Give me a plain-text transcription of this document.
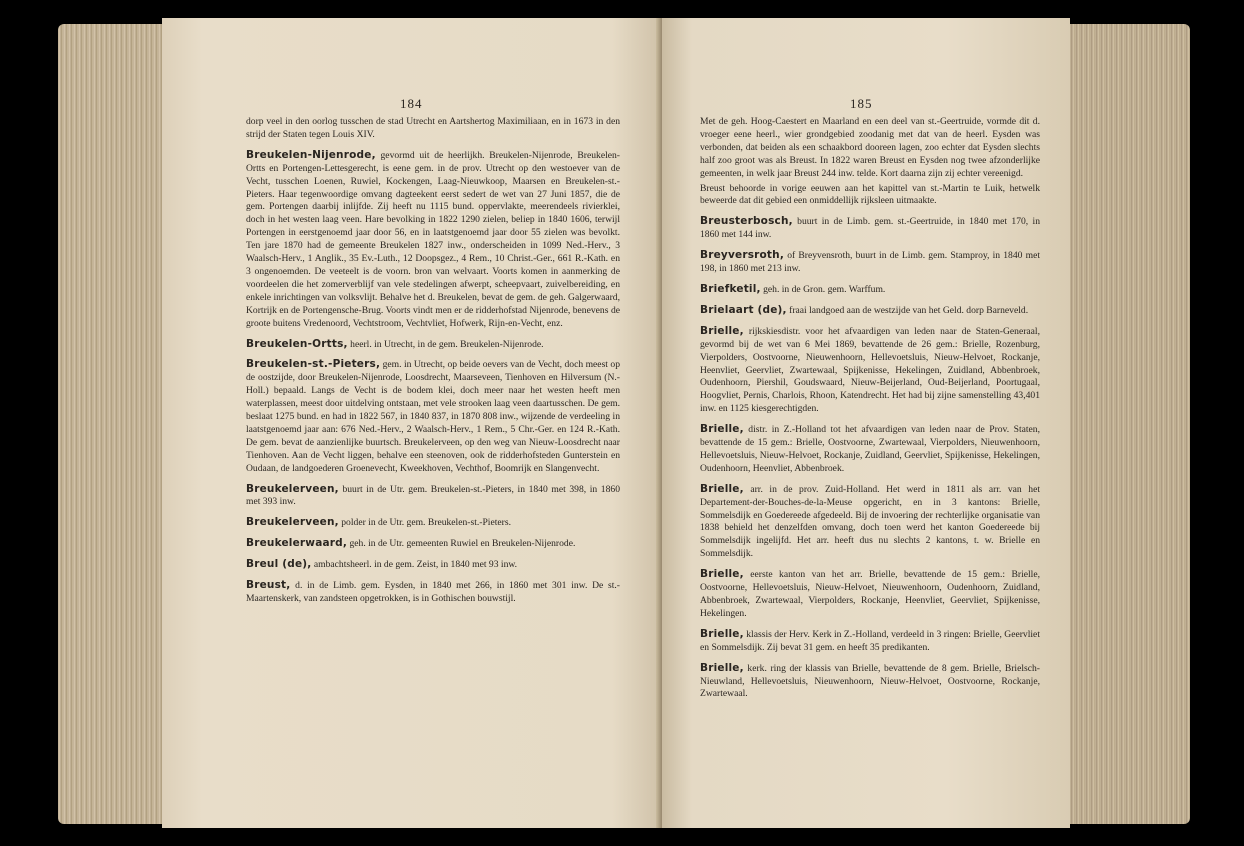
184

dorp veel in den oorlog tusschen de stad Utrecht en Aartshertog Maximiliaan, en in 1673 in den strijd der Staten tegen Louis XIV.

Breukelen-Nijenrode, gevormd uit de heerlijkh. Breukelen-Nijenrode, Breukelen-Ortts en Portengen-Lettesgerecht, is eene gem. in de prov. Utrecht op den westoever van de Vecht, tusschen Loenen, Ruwiel, Kockengen, Laag-Nieuwkoop, Maarsen en Breukelen-st.-Pieters. Haar tegenwoordige omvang dagteekent eerst sedert de wet van 27 Juni 1857, die de gem. Portengen daarbij inlijfde. Zij heeft nu 1115 bund. oppervlakte, meerendeels rivierklei, doch in het westen laag veen. Hare bevolking in 1822 1290 zielen, beliep in 1840 1606, terwijl Portengen in eerstgenoemd jaar door 56, en in laatstgenoemd jaar door 55 zielen was bevolkt. Ten jare 1870 had de gemeente Breukelen 1827 inw., onderscheiden in 1099 Ned.-Herv., 3 Waalsch-Herv., 1 Anglik., 35 Ev.-Luth., 12 Doopsgez., 4 Rem., 10 Christ.-Ger., 661 R.-Kath. en 3 ongenoemden. De veeteelt is de voorn. bron van welvaart. Voorts komen in aanmerking de voordeelen die het zomerverblijf van vele stedelingen afwerpt, scheepvaart, zuivelbereiding, en enkele inrichtingen van volksvlijt. Behalve het d. Breukelen, bevat de gem. de geh. Galgerwaard, Kortrijk en de Portengensche-Brug. Voorts vindt men er de ridderhofstad Nijenrode, benevens de groote buitens Vredenoord, Vechtstroom, Vechtvliet, Hofwerk, Rijn-en-Vecht, enz.

Breukelen-Ortts, heerl. in Utrecht, in de gem. Breukelen-Nijenrode.

Breukelen-st.-Pieters, gem. in Utrecht, op beide oevers van de Vecht, doch meest op de oostzijde, door Breukelen-Nijenrode, Loosdrecht, Maarseveen, Tienhoven en Hilversum (N.-Holl.) bepaald. Langs de Vecht is de bodem klei, doch meer naar het westen heeft men waterplassen, meest door uitdelving ontstaan, met vele strooken laag veen daartusschen. De gem. beslaat 1275 bund. en had in 1822 567, in 1840 837, in 1870 808 inw., wijzende de verdeeling in laatstgenoemd jaar aan: 676 Ned.-Herv., 2 Waalsch-Herv., 1 Rem., 5 Chr.-Ger. en 124 R.-Kath. De gem. bevat de aanzienlijke buurtsch. Breukelerveen, op den weg van Nieuw-Loosdrecht naar Tienhoven. Aan de Vecht liggen, behalve een steenoven, ook de ridderhofsteden Gunterstein en Oudaan, de landgoederen Groenevecht, Kweekhoven, Vechthof, Boomrijk en Slangenvecht.

Breukelerveen, buurt in de Utr. gem. Breukelen-st.-Pieters, in 1840 met 398, in 1860 met 393 inw.

Breukelerveen, polder in de Utr. gem. Breukelen-st.-Pieters.

Breukelerwaard, geh. in de Utr. gemeenten Ruwiel en Breukelen-Nijenrode.

Breul (de), ambachtsheerl. in de gem. Zeist, in 1840 met 93 inw.

Breust, d. in de Limb. gem. Eysden, in 1840 met 266, in 1860 met 301 inw. De st.-Maartenskerk, van zandsteen opgetrokken, is in Gothischen bouwstijl.

185

Met de geh. Hoog-Caestert en Maarland en een deel van st.-Geertruide, vormde dit d. vroeger eene heerl., wier grondgebied zoodanig met dat van de heerl. Eysden was verbonden, dat beiden als een schaakbord dooreen lagen, zoo echter dat Eysden slechts half zoo groot was als Breust. In 1822 waren Breust en Eysden nog twee afzonderlijke gemeenten, in welk jaar Breust 244 inw. telde. Kort daarna zijn zij echter vereenigd.

Breust behoorde in vorige eeuwen aan het kapittel van st.-Martin te Luik, hetwelk beweerde dat dit gebied een onmiddellijk rijksleen uitmaakte.

Breusterbosch, buurt in de Limb. gem. st.-Geertruide, in 1840 met 170, in 1860 met 144 inw.

Breyversroth, of Breyvensroth, buurt in de Limb. gem. Stamproy, in 1840 met 198, in 1860 met 213 inw.

Briefketil, geh. in de Gron. gem. Warffum.

Brielaart (de), fraai landgoed aan de westzijde van het Geld. dorp Barneveld.

Brielle, rijkskiesdistr. voor het afvaardigen van leden naar de Staten-Generaal, gevormd bij de wet van 6 Mei 1869, bevattende de 26 gem.: Brielle, Rozenburg, Vierpolders, Oostvoorne, Nieuwenhoorn, Hellevoetsluis, Nieuw-Helvoet, Rockanje, Heenvliet, Geervliet, Zwartewaal, Spijkenisse, Hekelingen, Zuidland, Abbenbroek, Oudenhoorn, Piershil, Goudswaard, Nieuw-Beijerland, Oud-Beijerland, Poortugaal, Hoogvliet, Pernis, Charlois, Rhoon, Katendrecht. Het had bij zijne samenstelling 43,401 inw. en 1125 kiesgerechtigden.

Brielle, distr. in Z.-Holland tot het afvaardigen van leden naar de Prov. Staten, bevattende de 15 gem.: Brielle, Oostvoorne, Zwartewaal, Vierpolders, Nieuwenhoorn, Hellevoetsluis, Nieuw-Helvoet, Rockanje, Zuidland, Geervliet, Spijkenisse, Hekelingen, Oudenhoorn, Heenvliet, Abbenbroek.

Brielle, arr. in de prov. Zuid-Holland. Het werd in 1811 als arr. van het Departement-der-Bouches-de-la-Meuse opgericht, en in 3 kantons: Brielle, Sommelsdijk en Goedereede afgedeeld. Bij de invoering der rechterlijke organisatie van 1838 behield het denzelfden omvang, doch toen werd het kanton Goedereede bij Sommelsdijk ingelijfd. Het arr. heeft dus nu slechts 2 kantons, t. w. Brielle en Sommelsdijk.

Brielle, eerste kanton van het arr. Brielle, bevattende de 15 gem.: Brielle, Oostvoorne, Hellevoetsluis, Nieuw-Helvoet, Nieuwenhoorn, Oudenhoorn, Zuidland, Abbenbroek, Zwartewaal, Vierpolders, Rockanje, Heenvliet, Geervliet, Spijkenisse, Hekelingen.

Brielle, klassis der Herv. Kerk in Z.-Holland, verdeeld in 3 ringen: Brielle, Geervliet en Sommelsdijk. Zij bevat 31 gem. en heeft 35 predikanten.

Brielle, kerk. ring der klassis van Brielle, bevattende de 8 gem. Brielle, Brielsch-Nieuwland, Hellevoetsluis, Nieuwenhoorn, Nieuw-Helvoet, Oostvoorne, Rockanje, Zwartewaal.
